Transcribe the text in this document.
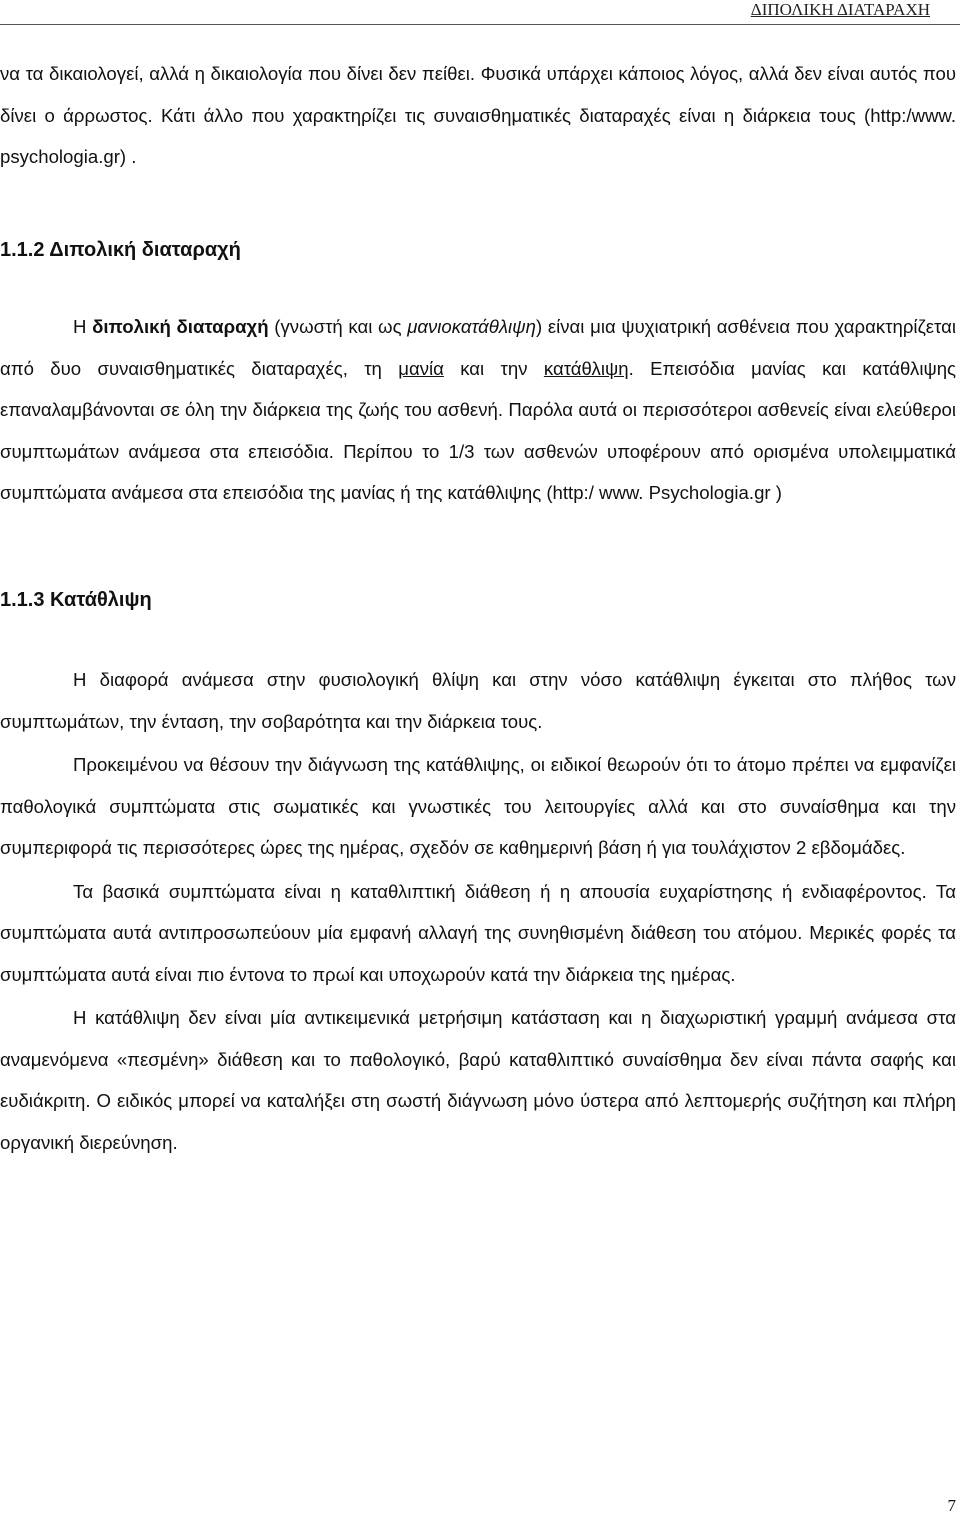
ΔΙΠΟΛΙΚΗ ΔΙΑΤΑΡΑΧΗ

να τα δικαιολογεί, αλλά η δικαιολογία που δίνει δεν πείθει. Φυσικά υπάρχει κάποιος λόγος, αλλά δεν είναι αυτός που δίνει ο άρρωστος. Κάτι άλλο που χαρακτηρίζει τις συναισθηματικές διαταραχές είναι η διάρκεια τους (http:/www. psychologia.gr) .

1.1.2 Διπολική διαταραχή

Η διπολική διαταραχή (γνωστή και ως μανιοκατάθλιψη) είναι μια ψυχιατρική ασθένεια που χαρακτηρίζεται από δυο συναισθηματικές διαταραχές, τη μανία και την κατάθλιψη. Επεισόδια μανίας και κατάθλιψης επαναλαμβάνονται σε όλη την διάρκεια της ζωής του ασθενή. Παρόλα αυτά οι περισσότεροι ασθενείς είναι ελεύθεροι συμπτωμάτων ανάμεσα στα επεισόδια. Περίπου το 1/3 των ασθενών υποφέρουν από ορισμένα υπολειμματικά συμπτώματα ανάμεσα στα επεισόδια της μανίας ή της κατάθλιψης (http:/ www. Psychologia.gr )

1.1.3 Κατάθλιψη

Η διαφορά ανάμεσα στην φυσιολογική θλίψη και στην νόσο κατάθλιψη έγκειται στο πλήθος των συμπτωμάτων, την ένταση, την σοβαρότητα και την διάρκεια τους.

Προκειμένου να θέσουν την διάγνωση της κατάθλιψης, οι ειδικοί θεωρούν ότι το άτομο πρέπει να εμφανίζει παθολογικά συμπτώματα στις σωματικές και γνωστικές του λειτουργίες αλλά και στο συναίσθημα και την συμπεριφορά τις περισσότερες ώρες της ημέρας, σχεδόν σε καθημερινή βάση ή για τουλάχιστον 2 εβδομάδες.

Τα βασικά συμπτώματα είναι η καταθλιπτική διάθεση ή η απουσία ευχαρίστησης ή ενδιαφέροντος. Τα συμπτώματα αυτά αντιπροσωπεύουν μία εμφανή αλλαγή της συνηθισμένη διάθεση του ατόμου. Μερικές φορές τα συμπτώματα αυτά είναι πιο έντονα το πρωί και υποχωρούν κατά την διάρκεια της ημέρας.

Η κατάθλιψη δεν είναι μία αντικειμενικά μετρήσιμη κατάσταση και η διαχωριστική γραμμή ανάμεσα στα αναμενόμενα «πεσμένη» διάθεση και το παθολογικό, βαρύ καταθλιπτικό συναίσθημα δεν είναι πάντα σαφής και ευδιάκριτη. Ο ειδικός μπορεί να καταλήξει στη σωστή διάγνωση μόνο ύστερα από λεπτομερής συζήτηση και πλήρη οργανική διερεύνηση.

7
